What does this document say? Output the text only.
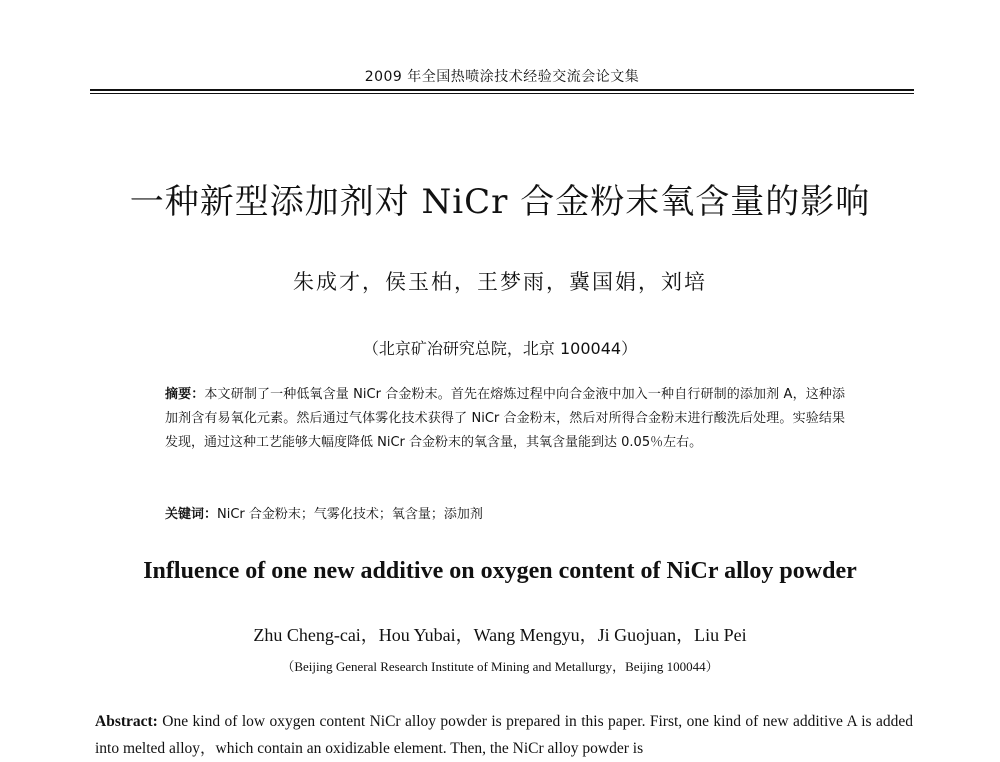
2009 年全国热喷涂技术经验交流会论文集
一种新型添加剂对 NiCr 合金粉末氧含量的影响
朱成才，侯玉柏，王梦雨，冀国娟，刘培
（北京矿冶研究总院，北京 100044）
摘要：本文研制了一种低氧含量 NiCr 合金粉末。首先在熔炼过程中向合金液中加入一种自行研制的添加剂 A，这种添加剂含有易氧化元素。然后通过气体雾化技术获得了 NiCr 合金粉末，然后对所得合金粉末进行酸洗后处理。实验结果发现，通过这种工艺能够大幅度降低 NiCr 合金粉末的氧含量，其氧含量能到达 0.05％左右。
关键词：NiCr 合金粉末；气雾化技术；氧含量；添加剂
Influence of one new additive on oxygen content of NiCr alloy powder
Zhu Cheng-cai，Hou Yubai，Wang Mengyu，Ji Guojuan，Liu Pei
（Beijing General Research Institute of Mining and Metallurgy，Beijing 100044）
Abstract: One kind of low oxygen content NiCr alloy powder is prepared in this paper. First, one kind of new additive A is added into melted alloy，which contain an oxidizable element. Then, the NiCr alloy powder is
